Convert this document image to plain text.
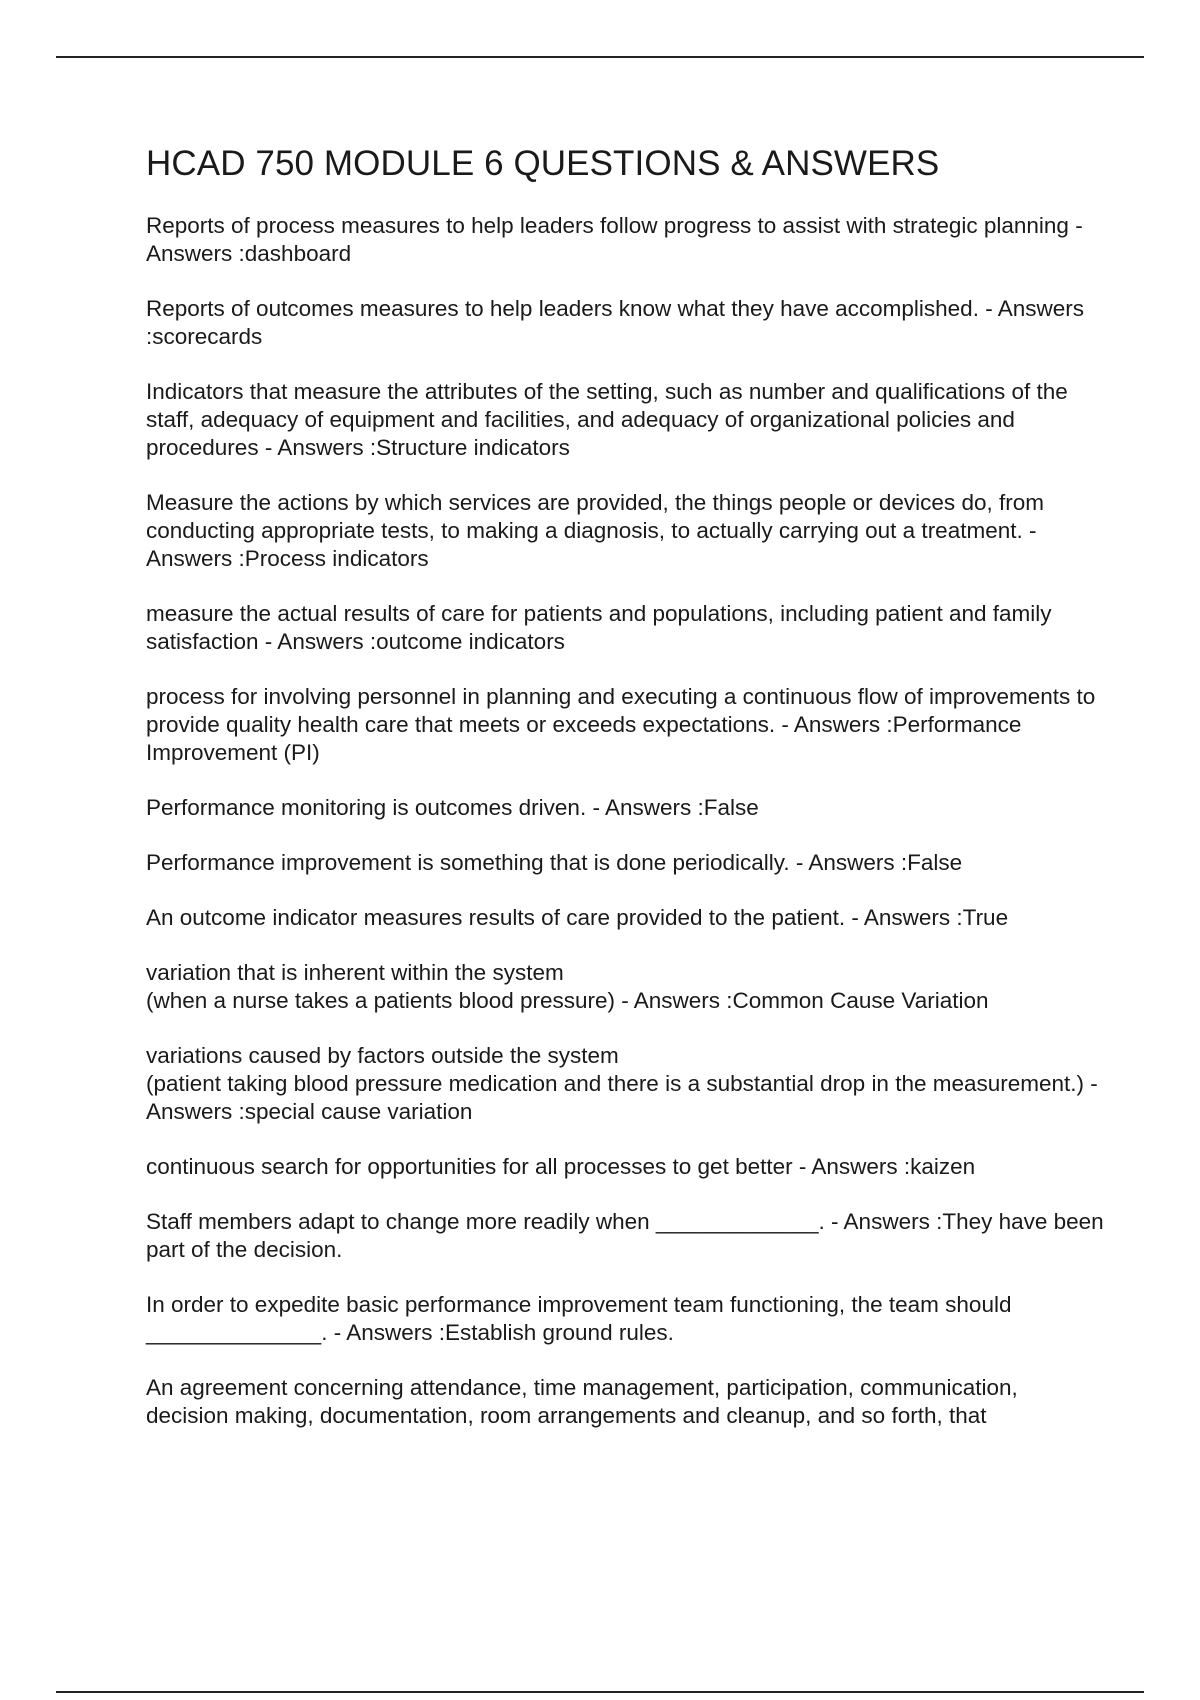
HCAD 750 MODULE 6 QUESTIONS & ANSWERS
Reports of process measures to help leaders follow progress to assist with strategic planning - Answers :dashboard
Reports of outcomes measures to help leaders know what they have accomplished. - Answers :scorecards
Indicators that measure the attributes of the setting, such as number and qualifications of the staff, adequacy of equipment and facilities, and adequacy of organizational policies and procedures - Answers :Structure indicators
Measure the actions by which services are provided, the things people or devices do, from conducting appropriate tests, to making a diagnosis, to actually carrying out a treatment. - Answers :Process indicators
measure the actual results of care for patients and populations, including patient and family satisfaction - Answers :outcome indicators
process for involving personnel in planning and executing a continuous flow of improvements to provide quality health care that meets or exceeds expectations. - Answers :Performance Improvement (PI)
Performance monitoring is outcomes driven. - Answers :False
Performance improvement is something that is done periodically. - Answers :False
An outcome indicator measures results of care provided to the patient. - Answers :True
variation that is inherent within the system
(when a nurse takes a patients blood pressure) - Answers :Common Cause Variation
variations caused by factors outside the system
(patient taking blood pressure medication and there is a substantial drop in the measurement.) - Answers :special cause variation
continuous search for opportunities for all processes to get better - Answers :kaizen
Staff members adapt to change more readily when _____________. - Answers :They have been part of the decision.
In order to expedite basic performance improvement team functioning, the team should ______________. - Answers :Establish ground rules.
An agreement concerning attendance, time management, participation, communication, decision making, documentation, room arrangements and cleanup, and so forth, that
